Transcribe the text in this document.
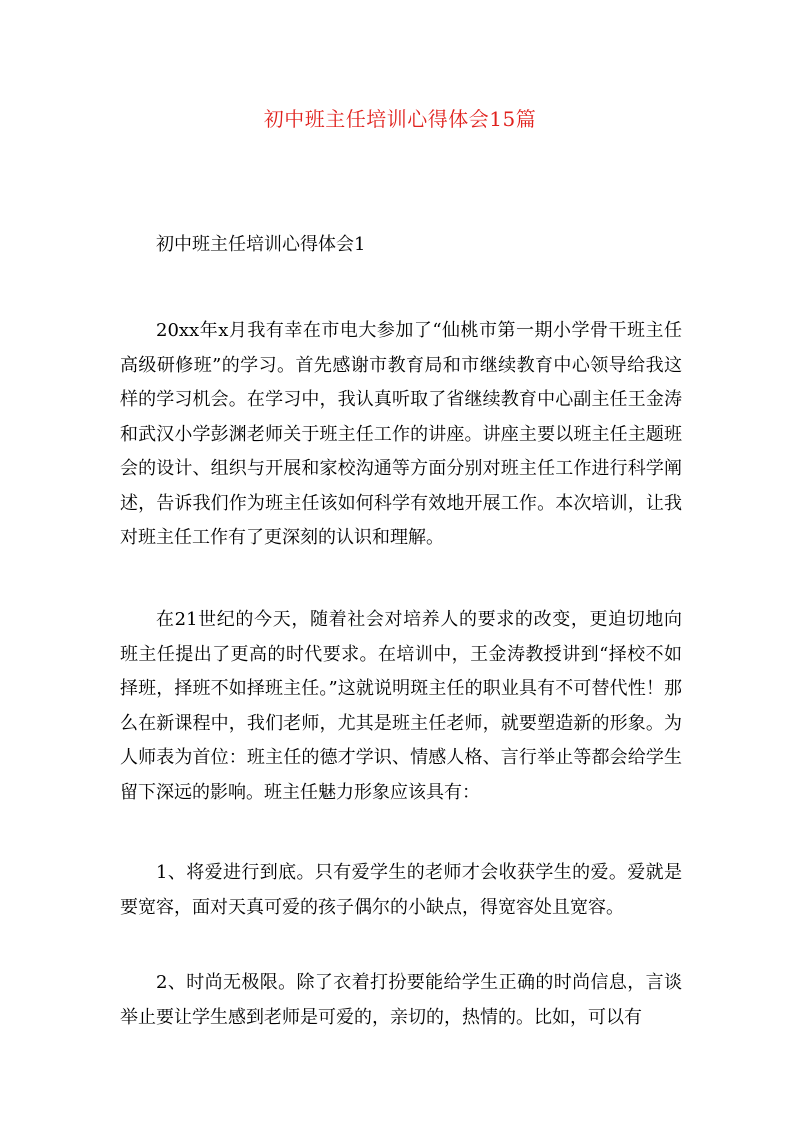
初中班主任培训心得体会15篇
初中班主任培训心得体会1

20xx年x月我有幸在市电大参加了“仙桃市第一期小学骨干班主任高级研修班”的学习。首先感谢市教育局和市继续教育中心领导给我这样的学习机会。在学习中，我认真听取了省继续教育中心副主任王金涛和武汉小学彭渊老师关于班主任工作的讲座。讲座主要以班主任主题班会的设计、组织与开展和家校沟通等方面分别对班主任工作进行科学阐述，告诉我们作为班主任该如何科学有效地开展工作。本次培训，让我对班主任工作有了更深刻的认识和理解。

在21世纪的今天，随着社会对培养人的要求的改变，更迫切地向班主任提出了更高的时代要求。在培训中，王金涛教授讲到“择校不如择班，择班不如择班主任。”这就说明斑主任的职业具有不可替代性！那么在新课程中，我们老师，尤其是班主任老师，就要塑造新的形象。为人师表为首位：班主任的德才学识、情感人格、言行举止等都会给学生留下深远的影响。班主任魅力形象应该具有：

1、将爱进行到底。只有爱学生的老师才会收获学生的爱。爱就是要宽容，面对天真可爱的孩子偶尔的小缺点，得宽容处且宽容。

2、时尚无极限。除了衣着打扮要能给学生正确的时尚信息，言谈举止要让学生感到老师是可爱的，亲切的，热情的。比如，可以有
